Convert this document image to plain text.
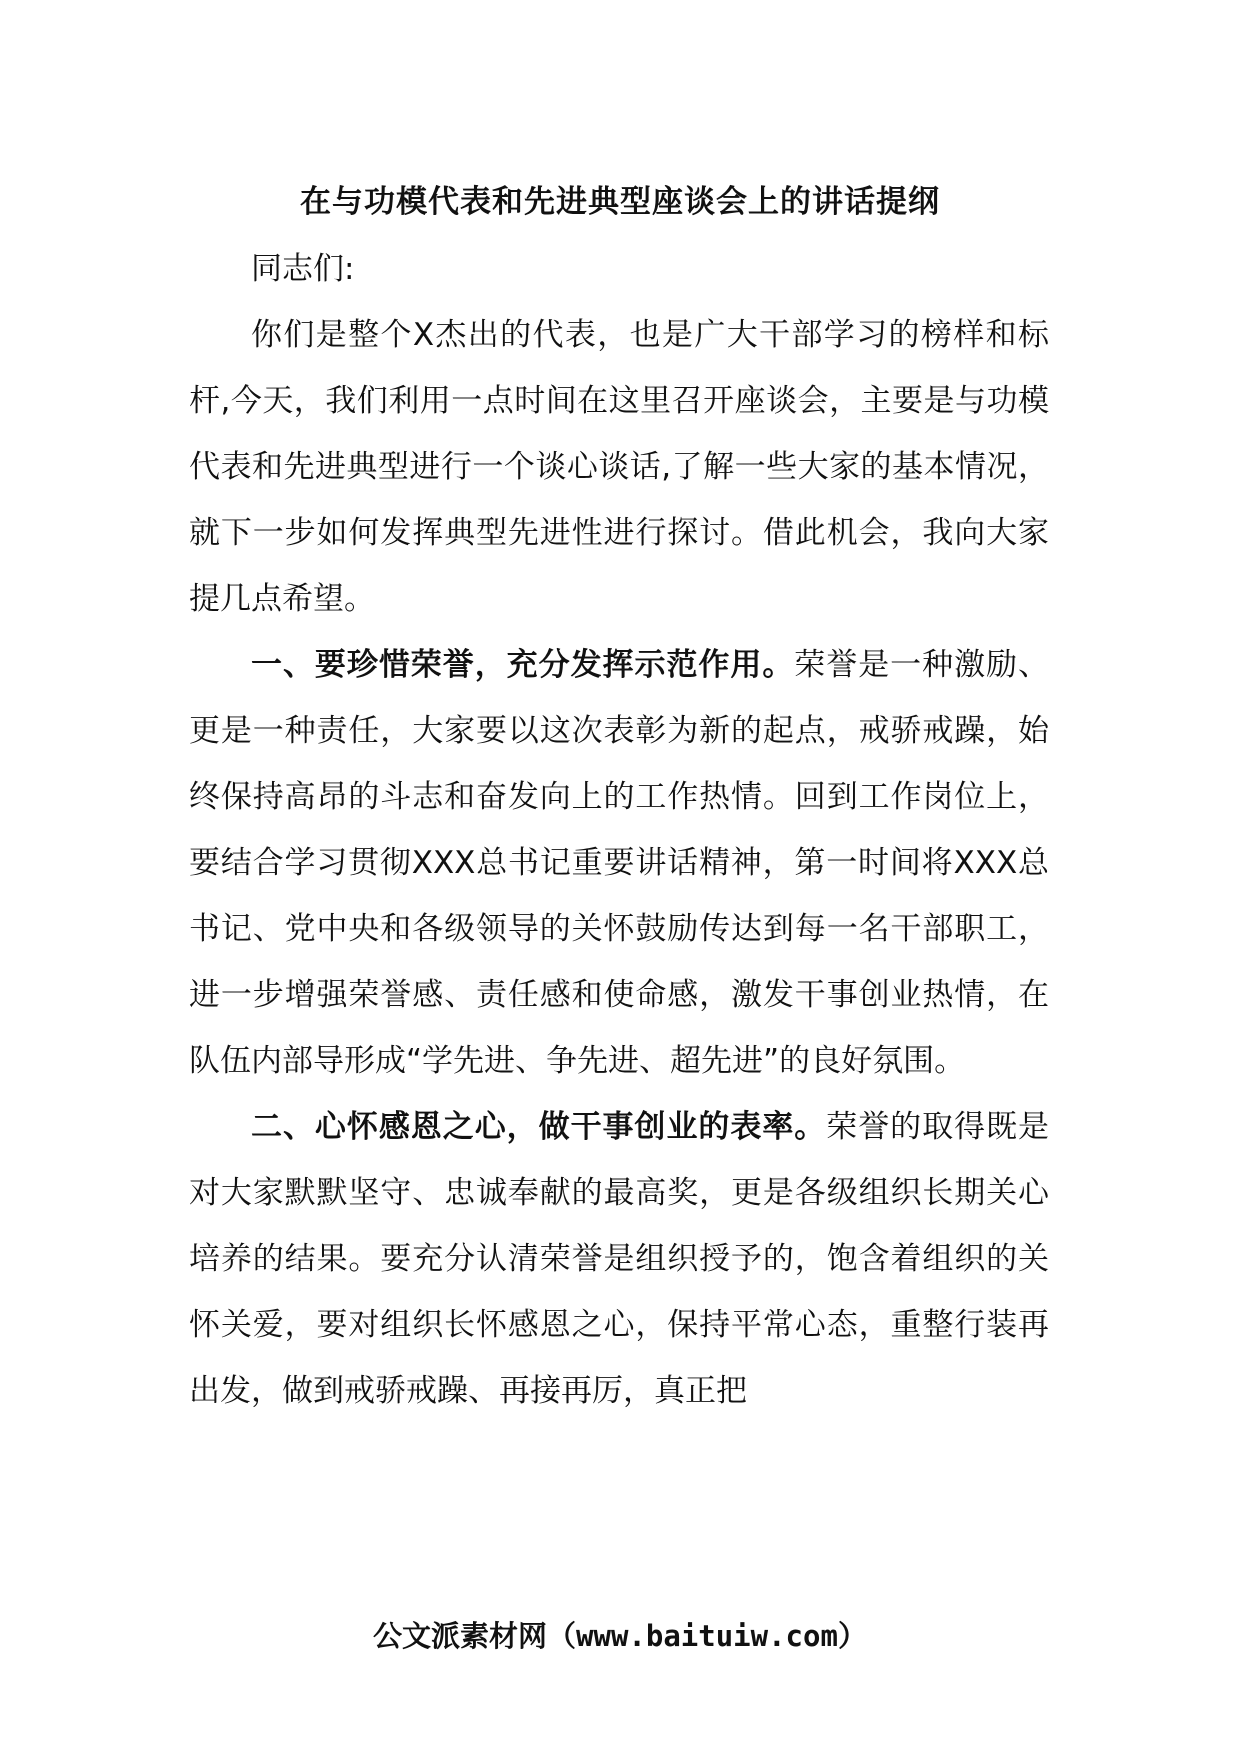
在与功模代表和先进典型座谈会上的讲话提纲

同志们:

你们是整个X杰出的代表，也是广大干部学习的榜样和标杆,今天，我们利用一点时间在这里召开座谈会，主要是与功模代表和先进典型进行一个谈心谈话,了解一些大家的基本情况，就下一步如何发挥典型先进性进行探讨。借此机会，我向大家提几点希望。

一、要珍惜荣誉，充分发挥示范作用。荣誉是一种激励、更是一种责任，大家要以这次表彰为新的起点，戒骄戒躁，始终保持高昂的斗志和奋发向上的工作热情。回到工作岗位上，要结合学习贯彻XXX总书记重要讲话精神，第一时间将XXX总书记、党中央和各级领导的关怀鼓励传达到每一名干部职工，进一步增强荣誉感、责任感和使命感，激发干事创业热情，在队伍内部导形成“学先进、争先进、超先进”的良好氛围。

二、心怀感恩之心，做干事创业的表率。荣誉的取得既是对大家默默坚守、忠诚奉献的最高奖，更是各级组织长期关心培养的结果。要充分认清荣誉是组织授予的，饱含着组织的关怀关爱，要对组织长怀感恩之心，保持平常心态，重整行装再出发，做到戒骄戒躁、再接再厉，真正把

公文派素材网（www.baituiw.com）
